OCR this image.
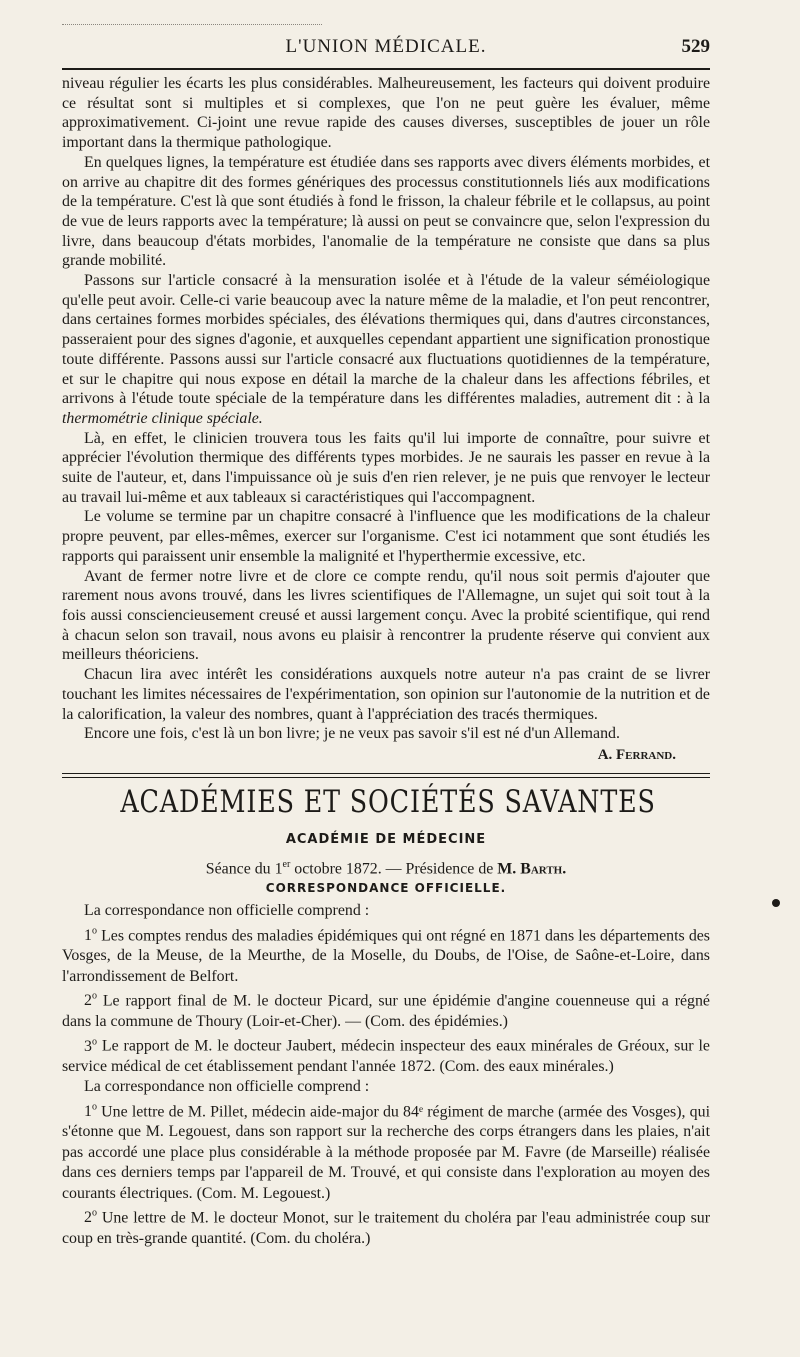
L'UNION MÉDICALE.	529

niveau régulier les écarts les plus considérables. Malheureusement, les facteurs qui doivent produire ce résultat sont si multiples et si complexes, que l'on ne peut guère les évaluer, même approximativement. Ci-joint une revue rapide des causes diverses, susceptibles de jouer un rôle important dans la thermique pathologique.

En quelques lignes, la température est étudiée dans ses rapports avec divers éléments morbides, et on arrive au chapitre dit des formes génériques des processus constitutionnels liés aux modifications de la température. C'est là que sont étudiés à fond le frisson, la chaleur fébrile et le collapsus, au point de vue de leurs rapports avec la température; là aussi on peut se convaincre que, selon l'expression du livre, dans beaucoup d'états morbides, l'anomalie de la température ne consiste que dans sa plus grande mobilité.

Passons sur l'article consacré à la mensuration isolée et à l'étude de la valeur séméiologique qu'elle peut avoir. Celle-ci varie beaucoup avec la nature même de la maladie, et l'on peut rencontrer, dans certaines formes morbides spéciales, des élévations thermiques qui, dans d'autres circonstances, passeraient pour des signes d'agonie, et auxquelles cependant appartient une signification pronostique toute différente. Passons aussi sur l'article consacré aux fluctuations quotidiennes de la température, et sur le chapitre qui nous expose en détail la marche de la chaleur dans les affections fébriles, et arrivons à l'étude toute spéciale de la température dans les différentes maladies, autrement dit : à la thermométrie clinique spéciale.

Là, en effet, le clinicien trouvera tous les faits qu'il lui importe de connaître, pour suivre et apprécier l'évolution thermique des différents types morbides. Je ne saurais les passer en revue à la suite de l'auteur, et, dans l'impuissance où je suis d'en rien relever, je ne puis que renvoyer le lecteur au travail lui-même et aux tableaux si caractéristiques qui l'accompagnent.

Le volume se termine par un chapitre consacré à l'influence que les modifications de la chaleur propre peuvent, par elles-mêmes, exercer sur l'organisme. C'est ici notamment que sont étudiés les rapports qui paraissent unir ensemble la malignité et l'hyperthermie excessive, etc.

Avant de fermer notre livre et de clore ce compte rendu, qu'il nous soit permis d'ajouter que rarement nous avons trouvé, dans les livres scientifiques de l'Allemagne, un sujet qui soit tout à la fois aussi consciencieusement creusé et aussi largement conçu. Avec la probité scientifique, qui rend à chacun selon son travail, nous avons eu plaisir à rencontrer la prudente réserve qui convient aux meilleurs théoriciens.

Chacun lira avec intérêt les considérations auxquels notre auteur n'a pas craint de se livrer touchant les limites nécessaires de l'expérimentation, son opinion sur l'autonomie de la nutrition et de la calorification, la valeur des nombres, quant à l'appréciation des tracés thermiques.

Encore une fois, c'est là un bon livre; je ne veux pas savoir s'il est né d'un Allemand.

A. Ferrand.
ACADÉMIES ET SOCIÉTÉS SAVANTES
ACADÉMIE DE MÉDECINE
Séance du 1er octobre 1872. — Présidence de M. Barth.
CORRESPONDANCE OFFICIELLE.

La correspondance non officielle comprend :

1$^o$ Les comptes rendus des maladies épidémiques qui ont régné en 1871 dans les départements des Vosges, de la Meuse, de la Meurthe, de la Moselle, du Doubs, de l'Oise, de Saône-et-Loire, dans l'arrondissement de Belfort.

2$^o$ Le rapport final de M. le docteur Picard, sur une épidémie d'angine couenneuse qui a régné dans la commune de Thoury (Loir-et-Cher). — (Com. des épidémies.)

3$^o$ Le rapport de M. le docteur Jaubert, médecin inspecteur des eaux minérales de Gréoux, sur le service médical de cet établissement pendant l'année 1872. (Com. des eaux minérales.)

La correspondance non officielle comprend :

1$^o$ Une lettre de M. Pillet, médecin aide-major du 84ᵉ régiment de marche (armée des Vosges), qui s'étonne que M. Legouest, dans son rapport sur la recherche des corps étrangers dans les plaies, n'ait pas accordé une place plus considérable à la méthode proposée par M. Favre (de Marseille) réalisée dans ces derniers temps par l'appareil de M. Trouvé, et qui consiste dans l'exploration au moyen des courants électriques. (Com. M. Legouest.)

2$^o$ Une lettre de M. le docteur Monot, sur le traitement du choléra par l'eau administrée coup sur coup en très-grande quantité. (Com. du choléra.)
